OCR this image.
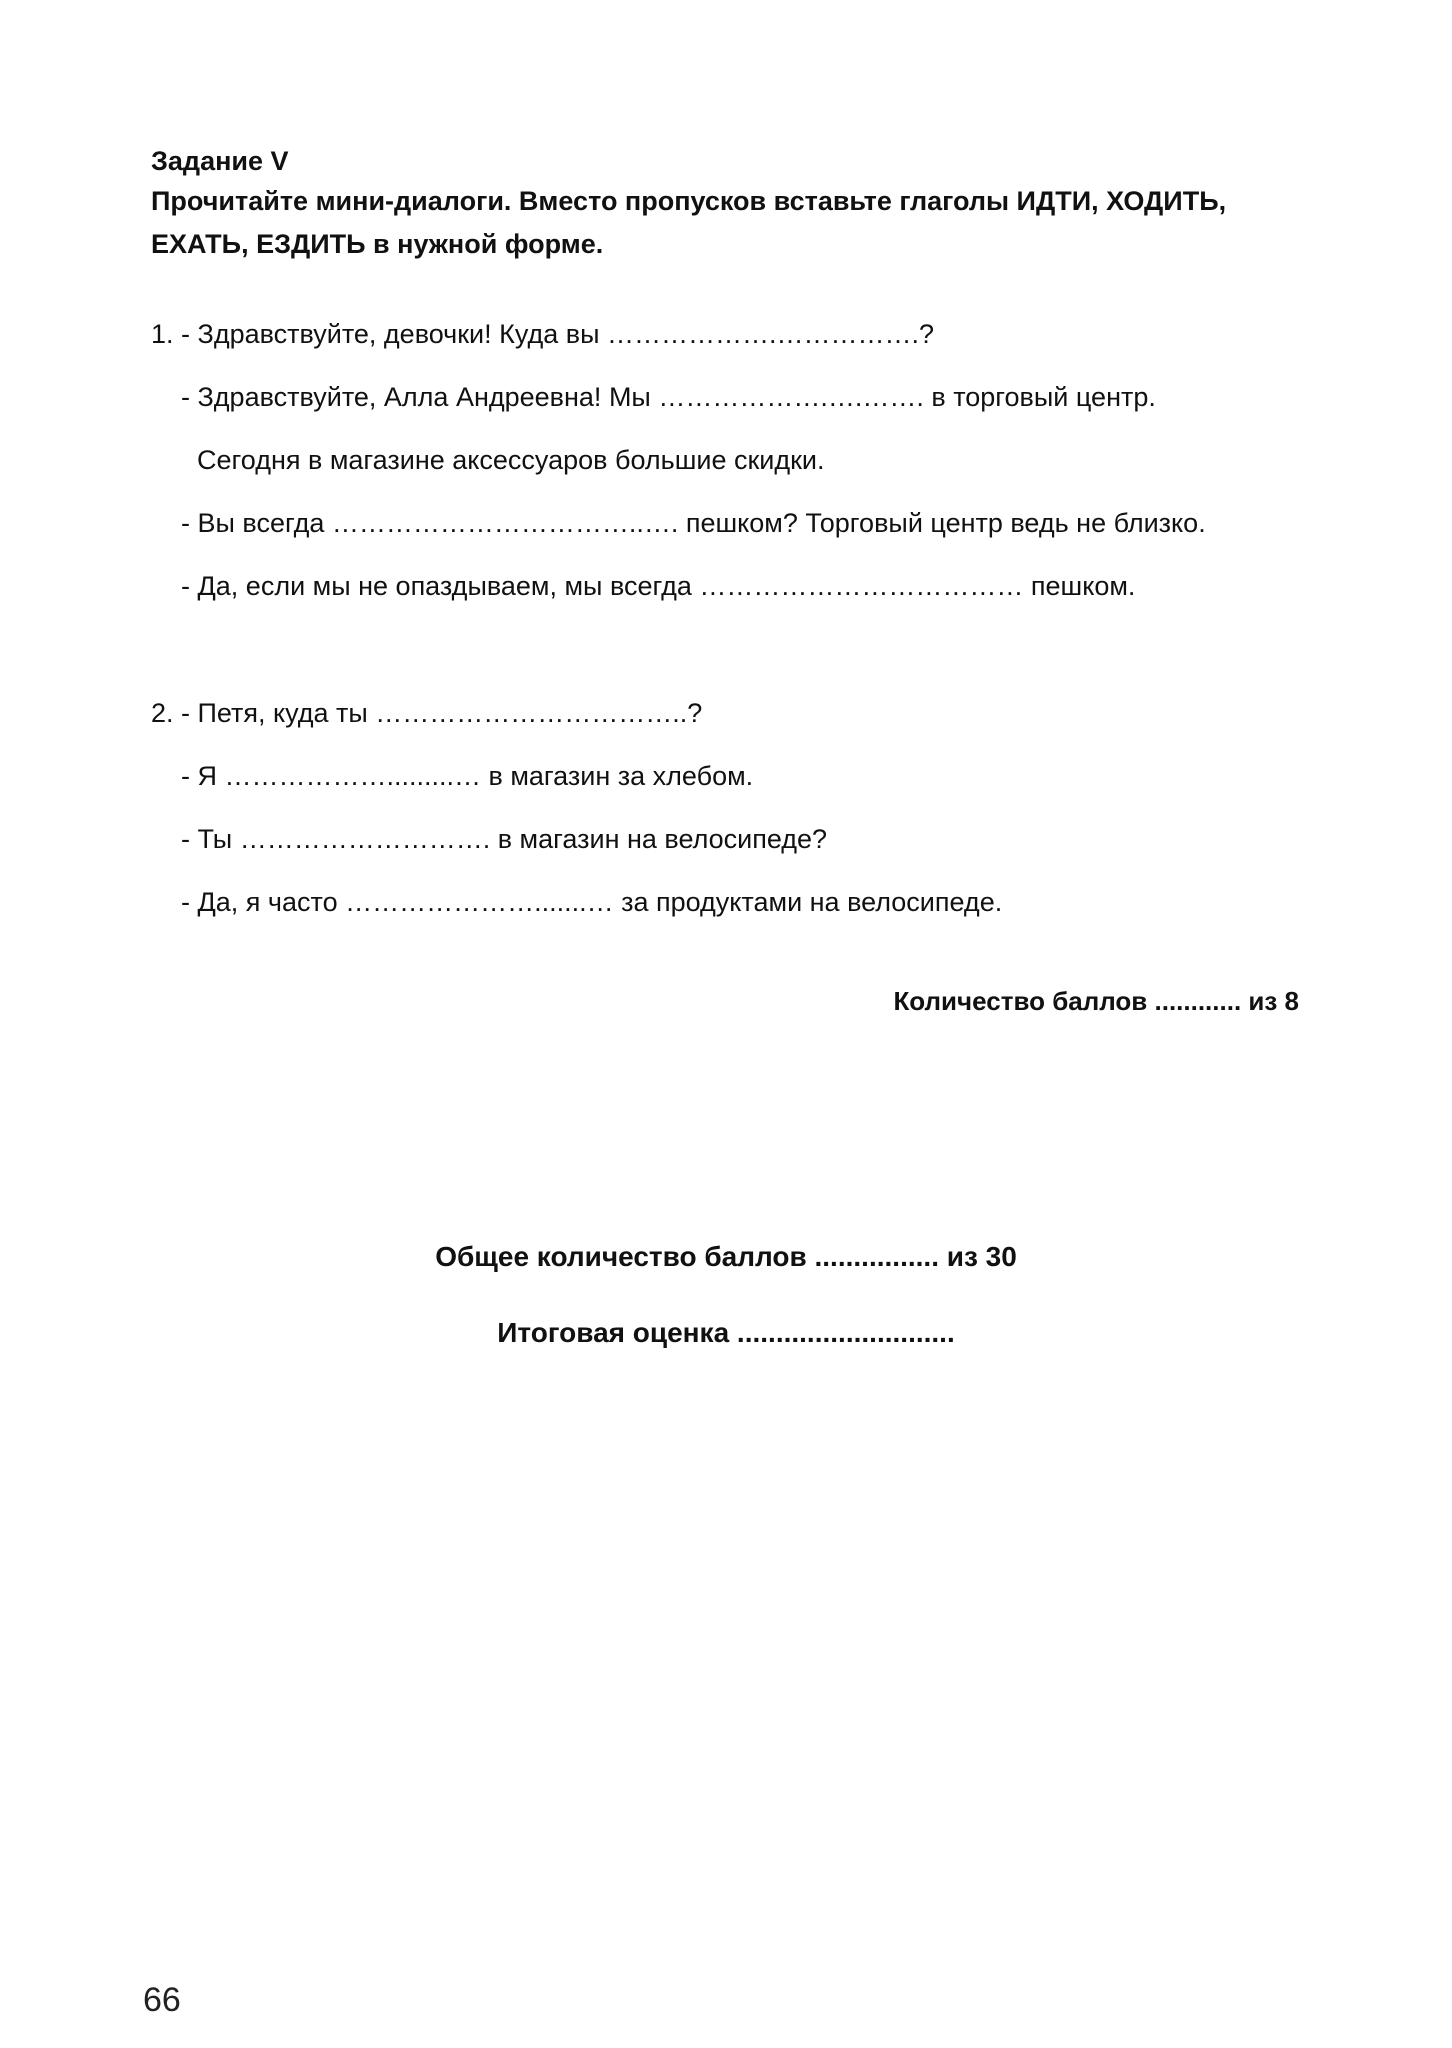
Задание V
Прочитайте мини-диалоги. Вместо пропусков вставьте глаголы ИДТИ, ХОДИТЬ, ЕХАТЬ, ЕЗДИТЬ в нужной форме.
1. - Здравствуйте, девочки! Куда вы ……………….…………….?
- Здравствуйте, Алла Андреевна! Мы ……………….….……. в торговый центр.
Сегодня в магазине аксессуаров большие скидки.
- Вы всегда ……………………………..…. пешком? Торговый центр ведь не близко.
- Да, если мы не опаздываем, мы всегда ……………………………… пешком.
2. - Петя, куда ты ……………………………..?
- Я ……………….........… в магазин за хлебом.
- Ты ………………………. в магазин на велосипеде?
- Да, я часто ………………….......… за продуктами на велосипеде.
Количество баллов ............ из 8
Общее количество баллов ................ из 30
Итоговая оценка ............................
66
